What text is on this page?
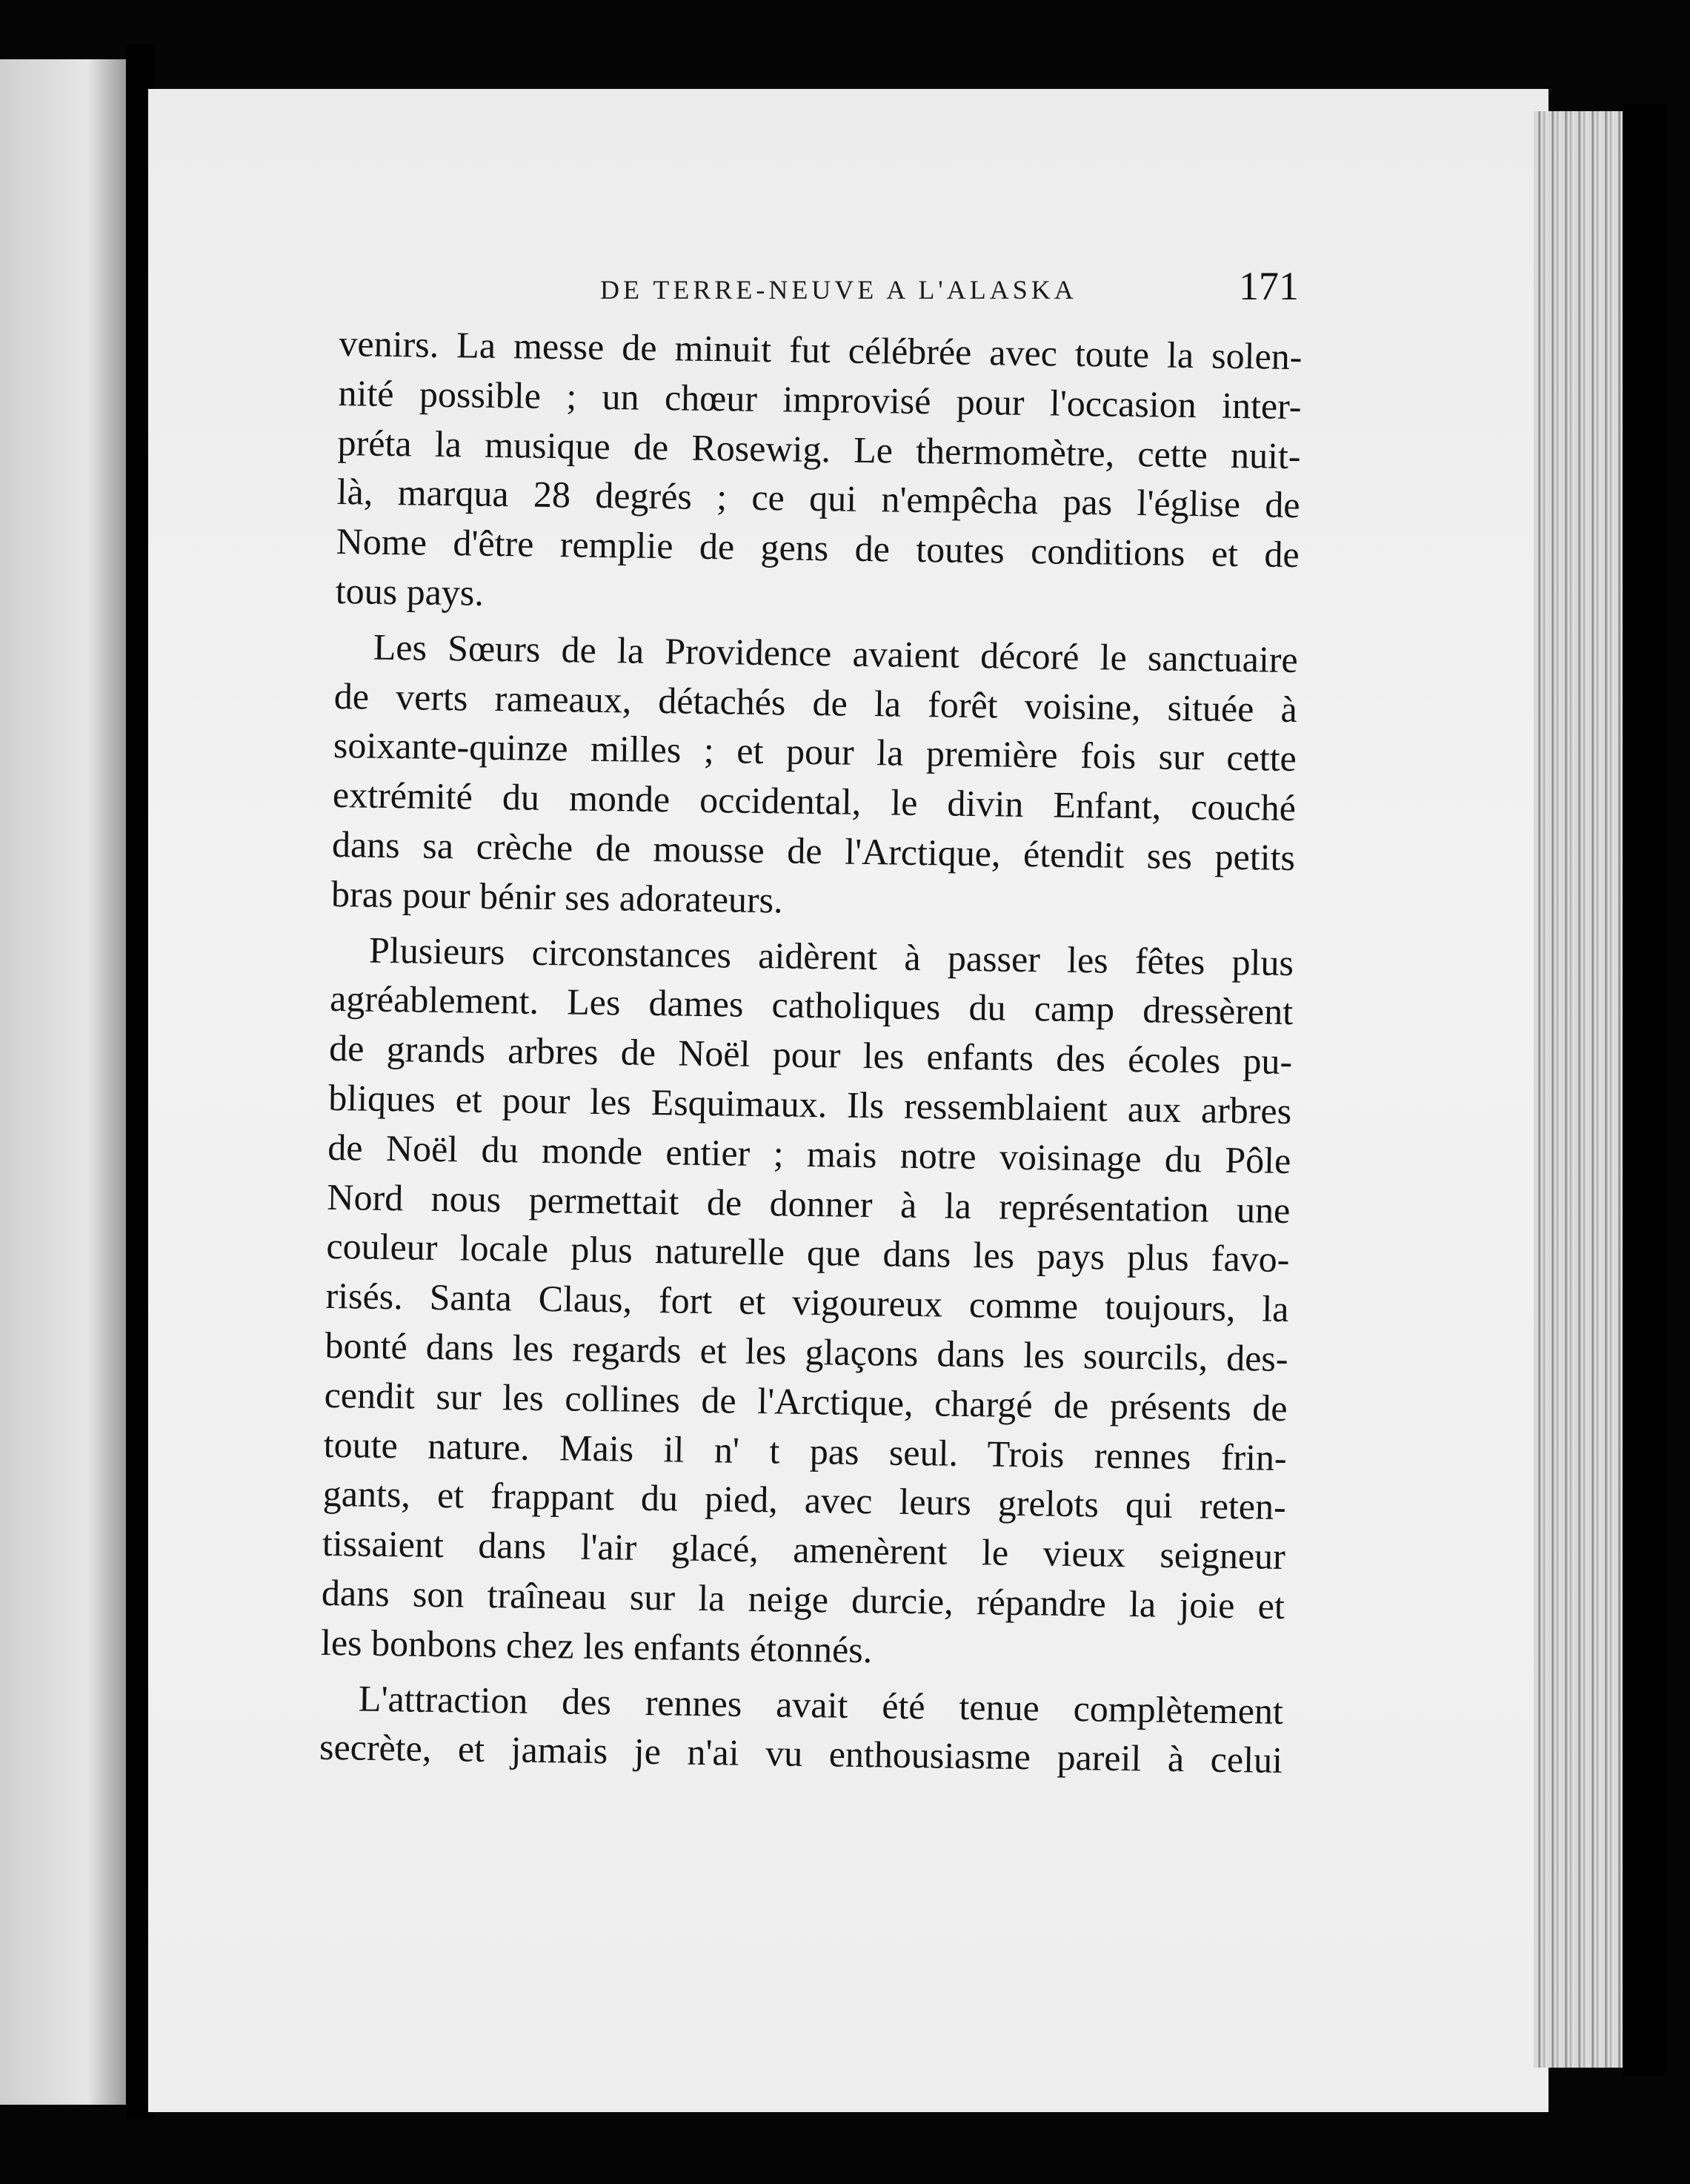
DE TERRE-NEUVE A L'ALASKA	171
venirs. La messe de minuit fut célébrée avec toute la solen-
nité possible ; un chœur improvisé pour l'occasion inter-
préta la musique de Rosewig. Le thermomètre, cette nuit-
là, marqua 28 degrés ; ce qui n'empêcha pas l'église de
Nome d'être remplie de gens de toutes conditions et de
tous pays.
Les Sœurs de la Providence avaient décoré le sanctuaire
de verts rameaux, détachés de la forêt voisine, située à
soixante-quinze milles ; et pour la première fois sur cette
extrémité du monde occidental, le divin Enfant, couché
dans sa crèche de mousse de l'Arctique, étendit ses petits
bras pour bénir ses adorateurs.
Plusieurs circonstances aidèrent à passer les fêtes plus
agréablement. Les dames catholiques du camp dressèrent
de grands arbres de Noël pour les enfants des écoles pu-
bliques et pour les Esquimaux. Ils ressemblaient aux arbres
de Noël du monde entier ; mais notre voisinage du Pôle
Nord nous permettait de donner à la représentation une
couleur locale plus naturelle que dans les pays plus favo-
risés. Santa Claus, fort et vigoureux comme toujours, la
bonté dans les regards et les glaçons dans les sourcils, des-
cendit sur les collines de l'Arctique, chargé de présents de
toute nature. Mais il n' t pas seul. Trois rennes frin-
gants, et frappant du pied, avec leurs grelots qui reten-
tissaient dans l'air glacé, amenèrent le vieux seigneur
dans son traîneau sur la neige durcie, répandre la joie et
les bonbons chez les enfants étonnés.
L'attraction des rennes avait été tenue complètement
secrète, et jamais je n'ai vu enthousiasme pareil à celui
